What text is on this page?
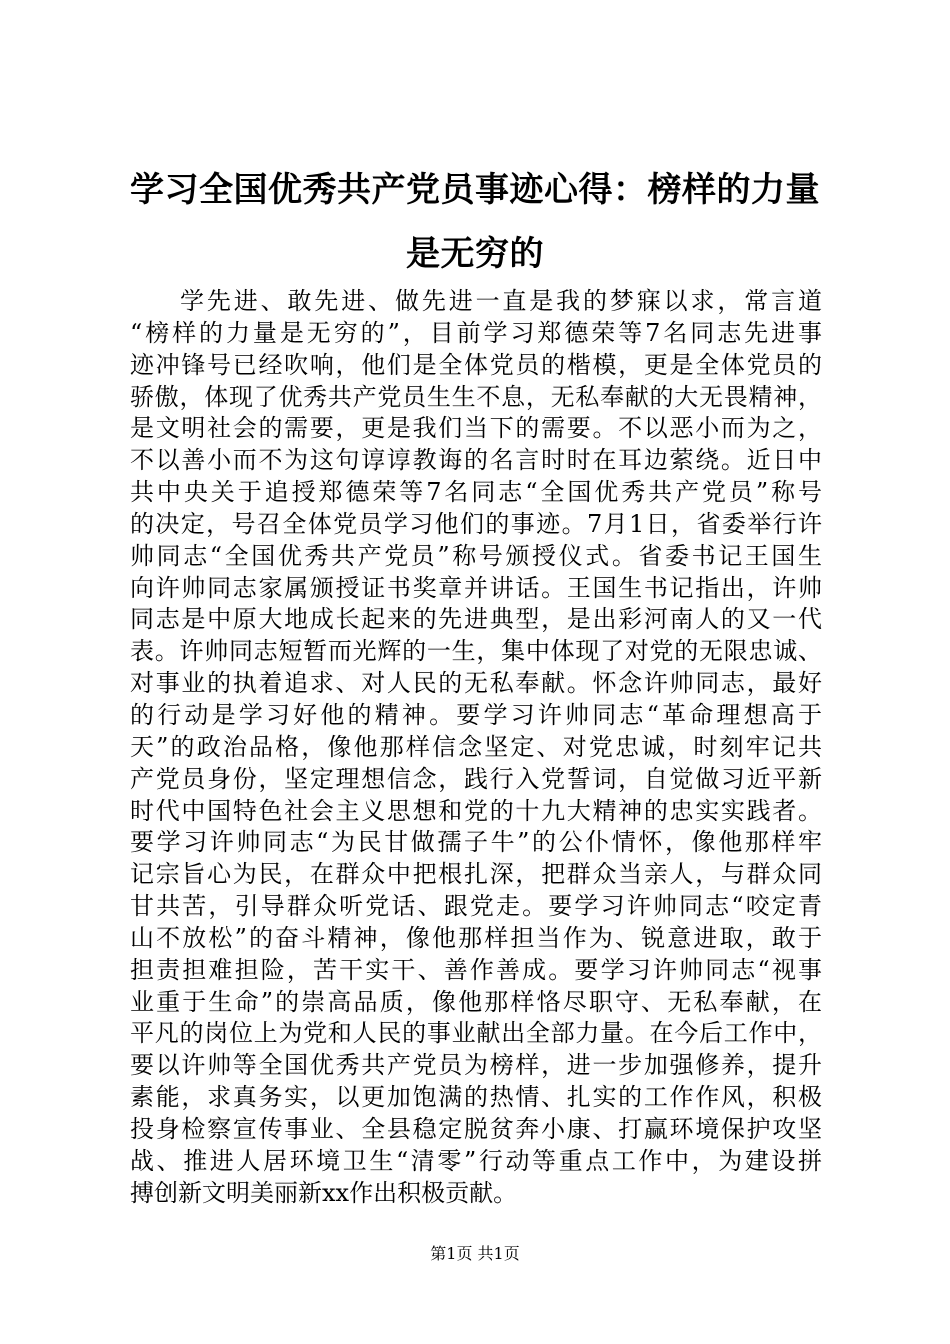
学习全国优秀共产党员事迹心得：榜样的力量
是无穷的
学先进、敢先进、做先进一直是我的梦寐以求，常言道
“榜样的力量是无穷的”，目前学习郑德荣等7名同志先进事
迹冲锋号已经吹响，他们是全体党员的楷模，更是全体党员的
骄傲，体现了优秀共产党员生生不息，无私奉献的大无畏精神，
是文明社会的需要，更是我们当下的需要。不以恶小而为之，
不以善小而不为这句谆谆教诲的名言时时在耳边萦绕。近日中
共中央关于追授郑德荣等7名同志“全国优秀共产党员”称号
的决定，号召全体党员学习他们的事迹。7月1日，省委举行许
帅同志“全国优秀共产党员”称号颁授仪式。省委书记王国生
向许帅同志家属颁授证书奖章并讲话。王国生书记指出，许帅
同志是中原大地成长起来的先进典型，是出彩河南人的又一代
表。许帅同志短暂而光辉的一生，集中体现了对党的无限忠诚、
对事业的执着追求、对人民的无私奉献。怀念许帅同志，最好
的行动是学习好他的精神。要学习许帅同志“革命理想高于
天”的政治品格，像他那样信念坚定、对党忠诚，时刻牢记共
产党员身份，坚定理想信念，践行入党誓词，自觉做习近平新
时代中国特色社会主义思想和党的十九大精神的忠实实践者。
要学习许帅同志“为民甘做孺子牛”的公仆情怀，像他那样牢
记宗旨心为民，在群众中把根扎深，把群众当亲人，与群众同
甘共苦，引导群众听党话、跟党走。要学习许帅同志“咬定青
山不放松”的奋斗精神，像他那样担当作为、锐意进取，敢于
担责担难担险，苦干实干、善作善成。要学习许帅同志“视事
业重于生命”的崇高品质，像他那样恪尽职守、无私奉献，在
平凡的岗位上为党和人民的事业献出全部力量。在今后工作中，
要以许帅等全国优秀共产党员为榜样，进一步加强修养，提升
素能，求真务实，以更加饱满的热情、扎实的工作作风，积极
投身检察宣传事业、全县稳定脱贫奔小康、打赢环境保护攻坚
战、推进人居环境卫生“清零”行动等重点工作中，为建设拼
搏创新文明美丽新xx作出积极贡献。
第1页 共1页
